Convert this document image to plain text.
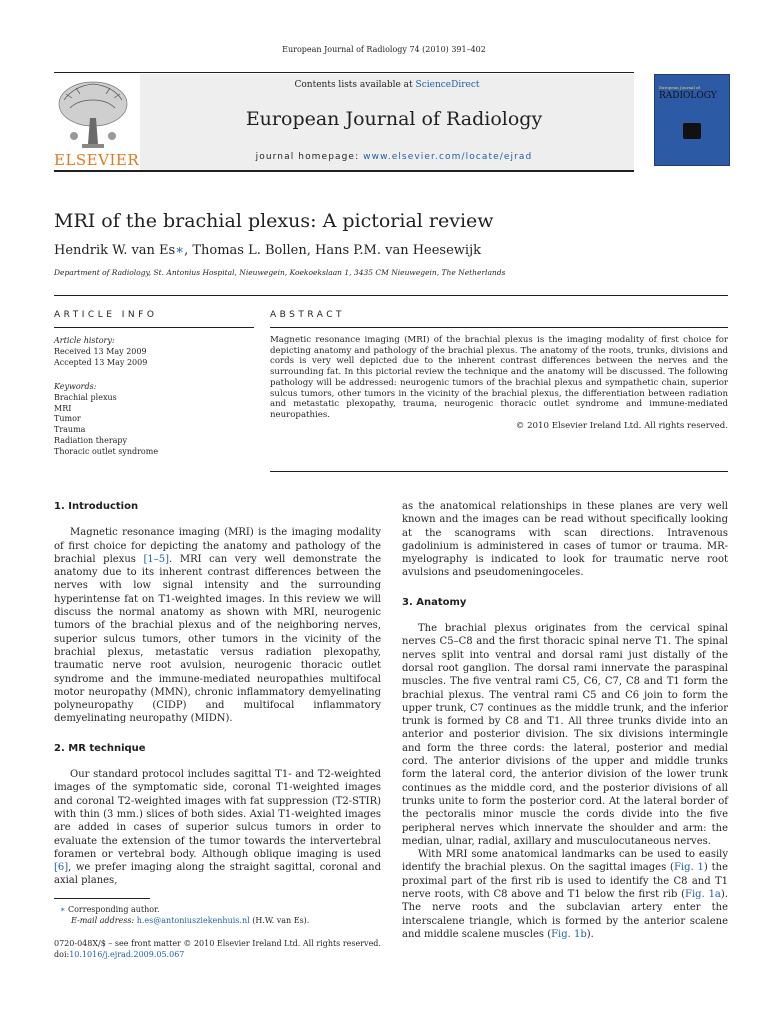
European Journal of Radiology 74 (2010) 391–402
Contents lists available at ScienceDirect
European Journal of Radiology
journal homepage: www.elsevier.com/locate/ejrad
ELSEVIER
European Journal of
RADIOLOGY
MRI of the brachial plexus: A pictorial review
Hendrik W. van Es∗, Thomas L. Bollen, Hans P.M. van Heesewijk
Department of Radiology, St. Antonius Hospital, Nieuwegein, Koekoekslaan 1, 3435 CM Nieuwegein, The Netherlands
ARTICLE INFO
Article history:
Received 13 May 2009
Accepted 13 May 2009
Keywords:
Brachial plexus
MRI
Tumor
Trauma
Radiation therapy
Thoracic outlet syndrome
ABSTRACT

Magnetic resonance imaging (MRI) of the brachial plexus is the imaging modality of first choice for depicting anatomy and pathology of the brachial plexus. The anatomy of the roots, trunks, divisions and cords is very well depicted due to the inherent contrast differences between the nerves and the surrounding fat. In this pictorial review the technique and the anatomy will be discussed. The following pathology will be addressed: neurogenic tumors of the brachial plexus and sympathetic chain, superior sulcus tumors, other tumors in the vicinity of the brachial plexus, the differentiation between radiation and metastatic plexopathy, trauma, neurogenic thoracic outlet syndrome and immune-mediated neuropathies.

© 2010 Elsevier Ireland Ltd. All rights reserved.

1. Introduction

Magnetic resonance imaging (MRI) is the imaging modality of first choice for depicting the anatomy and pathology of the brachial plexus [1–5]. MRI can very well demonstrate the anatomy due to its inherent contrast differences between the nerves with low signal intensity and the surrounding hyperintense fat on T1-weighted images. In this review we will discuss the normal anatomy as shown with MRI, neurogenic tumors of the brachial plexus and of the neighboring nerves, superior sulcus tumors, other tumors in the vicinity of the brachial plexus, metastatic versus radiation plexopathy, traumatic nerve root avulsion, neurogenic thoracic outlet syndrome and the immune-mediated neuropathies multifocal motor neuropathy (MMN), chronic inflammatory demyelinating polyneuropathy (CIDP) and multifocal inflammatory demyelinating neuropathy (MIDN).

2. MR technique

Our standard protocol includes sagittal T1- and T2-weighted images of the symptomatic side, coronal T1-weighted images and coronal T2-weighted images with fat suppression (T2-STIR) with thin (3 mm.) slices of both sides. Axial T1-weighted images are added in cases of superior sulcus tumors in order to evaluate the extension of the tumor towards the intervertebral foramen or vertebral body. Although oblique imaging is used [6], we prefer imaging along the straight sagittal, coronal and axial planes,

as the anatomical relationships in these planes are very well known and the images can be read without specifically looking at the scanograms with scan directions. Intravenous gadolinium is administered in cases of tumor or trauma. MR-myelography is indicated to look for traumatic nerve root avulsions and pseudomeningoceles.

3. Anatomy

The brachial plexus originates from the cervical spinal nerves C5–C8 and the first thoracic spinal nerve T1. The spinal nerves split into ventral and dorsal rami just distally of the dorsal root ganglion. The dorsal rami innervate the paraspinal muscles. The five ventral rami C5, C6, C7, C8 and T1 form the brachial plexus. The ventral rami C5 and C6 join to form the upper trunk, C7 continues as the middle trunk, and the inferior trunk is formed by C8 and T1. All three trunks divide into an anterior and posterior division. The six divisions intermingle and form the three cords: the lateral, posterior and medial cord. The anterior divisions of the upper and middle trunks form the lateral cord, the anterior division of the lower trunk continues as the middle cord, and the posterior divisions of all trunks unite to form the posterior cord. At the lateral border of the pectoralis minor muscle the cords divide into the five peripheral nerves which innervate the shoulder and arm: the median, ulnar, radial, axillary and musculocutaneous nerves.

With MRI some anatomical landmarks can be used to easily identify the brachial plexus. On the sagittal images (Fig. 1) the proximal part of the first rib is used to identify the C8 and T1 nerve roots, with C8 above and T1 below the first rib (Fig. 1a). The nerve roots and the subclavian artery enter the interscalene triangle, which is formed by the anterior scalene and middle scalene muscles (Fig. 1b).

∗ Corresponding author.
E-mail address: h.es@antoniusziekenhuis.nl (H.W. van Es).
0720-048X/$ – see front matter © 2010 Elsevier Ireland Ltd. All rights reserved.
doi:10.1016/j.ejrad.2009.05.067
